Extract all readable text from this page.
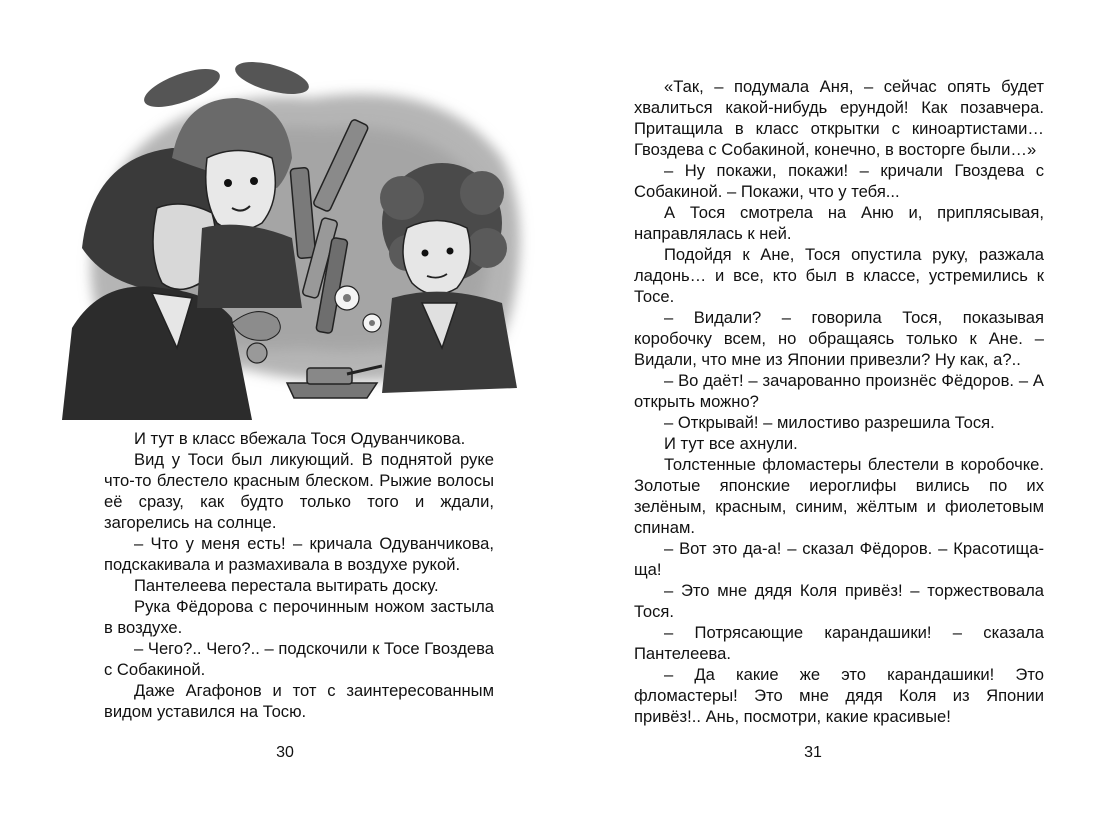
И тут в класс вбежала Тося Одуванчикова.

Вид у Тоси был ликующий. В поднятой руке что-то блестело красным блеском. Рыжие волосы её сразу, как будто только того и ждали, загорелись на солнце.

– Что у меня есть! – кричала Одуванчикова, подскакивала и размахивала в воздухе рукой.

Пантелеева перестала вытирать доску.

Рука Фёдорова с перочинным ножом застыла в воздухе.

– Чего?.. Чего?.. – подскочили к Тосе Гвоздева с Собакиной.

Даже Агафонов и тот с заинтересованным видом уставился на Тосю.

30

«Так, – подумала Аня, – сейчас опять будет хвалиться какой-нибудь ерундой! Как позавчера. Притащила в класс открытки с киноартистами… Гвоздева с Собакиной, конечно, в восторге были…»

– Ну покажи, покажи! – кричали Гвоздева с Собакиной. – Покажи, что у тебя...

А Тося смотрела на Аню и, приплясывая, направлялась к ней.

Подойдя к Ане, Тося опустила руку, разжала ладонь… и все, кто был в классе, устремились к Тосе.

– Видали? – говорила Тося, показывая коробочку всем, но обращаясь только к Ане. – Видали, что мне из Японии привезли? Ну как, а?..

– Во даёт! – зачарованно произнёс Фёдоров. – А открыть можно?

– Открывай! – милостиво разрешила Тося.

И тут все ахнули.

Толстенные фломастеры блестели в коробочке. Золотые японские иероглифы вились по их зелёным, красным, синим, жёлтым и фиолетовым спинам.

– Вот это да-а! – сказал Фёдоров. – Красотища-ща!

– Это мне дядя Коля привёз! – торжествовала Тося.

– Потрясающие карандашики! – сказала Пантелеева.

– Да какие же это карандашики! Это фломастеры! Это мне дядя Коля из Японии привёз!.. Ань, посмотри, какие красивые!

31
